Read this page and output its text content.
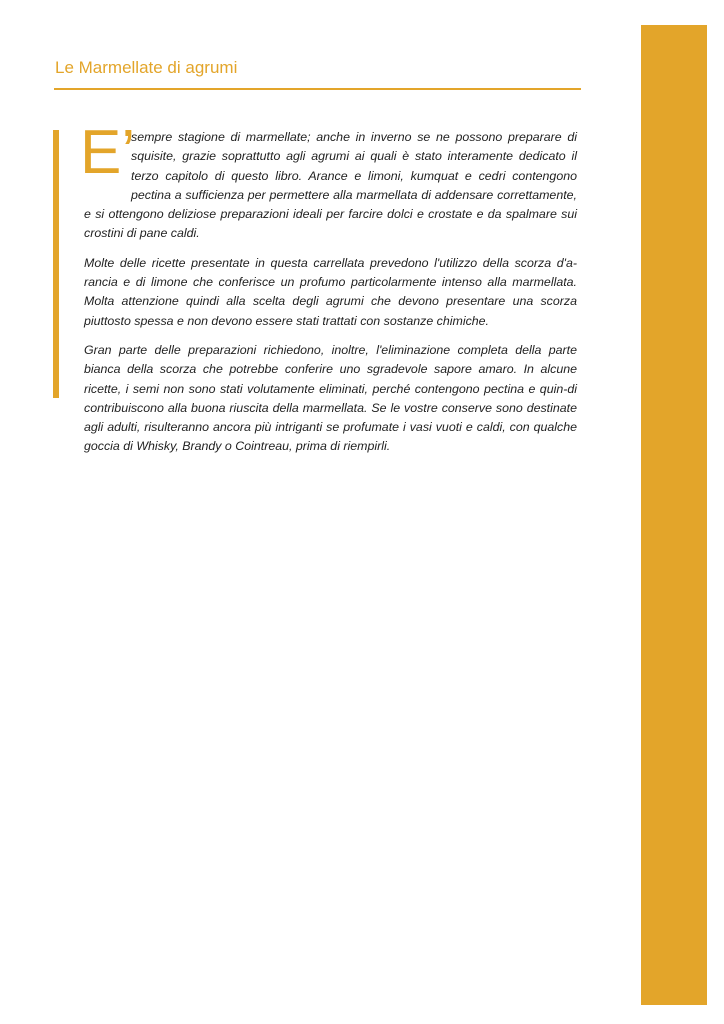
Le Marmellate di agrumi
E’

sempre stagione di marmellate; anche in inverno se ne possono preparare di squisite, grazie soprattutto agli agrumi ai quali è stato interamente dedicato il terzo capitolo di questo libro. Arance e limoni, kumquat e cedri contengono pectina a sufficienza per permettere alla marmellata di addensare correttamente, e si ottengono deliziose preparazioni ideali per farcire dolci e crostate e da spalmare sui crostini di pane caldi.

Molte delle ricette presentate in questa carrellata prevedono l'utilizzo della scorza d'a-rancia e di limone che conferisce un profumo particolarmente intenso alla marmellata. Molta attenzione quindi alla scelta degli agrumi che devono presentare una scorza piuttosto spessa e non devono essere stati trattati con sostanze chimiche.

Gran parte delle preparazioni richiedono, inoltre, l'eliminazione completa della parte bianca della scorza che potrebbe conferire uno sgradevole sapore amaro. In alcune ricette, i semi non sono stati volutamente eliminati, perché contengono pectina e quin-di contribuiscono alla buona riuscita della marmellata. Se le vostre conserve sono destinate agli adulti, risulteranno ancora più intriganti se profumate i vasi vuoti e caldi, con qualche goccia di Whisky, Brandy o Cointreau, prima di riempirli.
